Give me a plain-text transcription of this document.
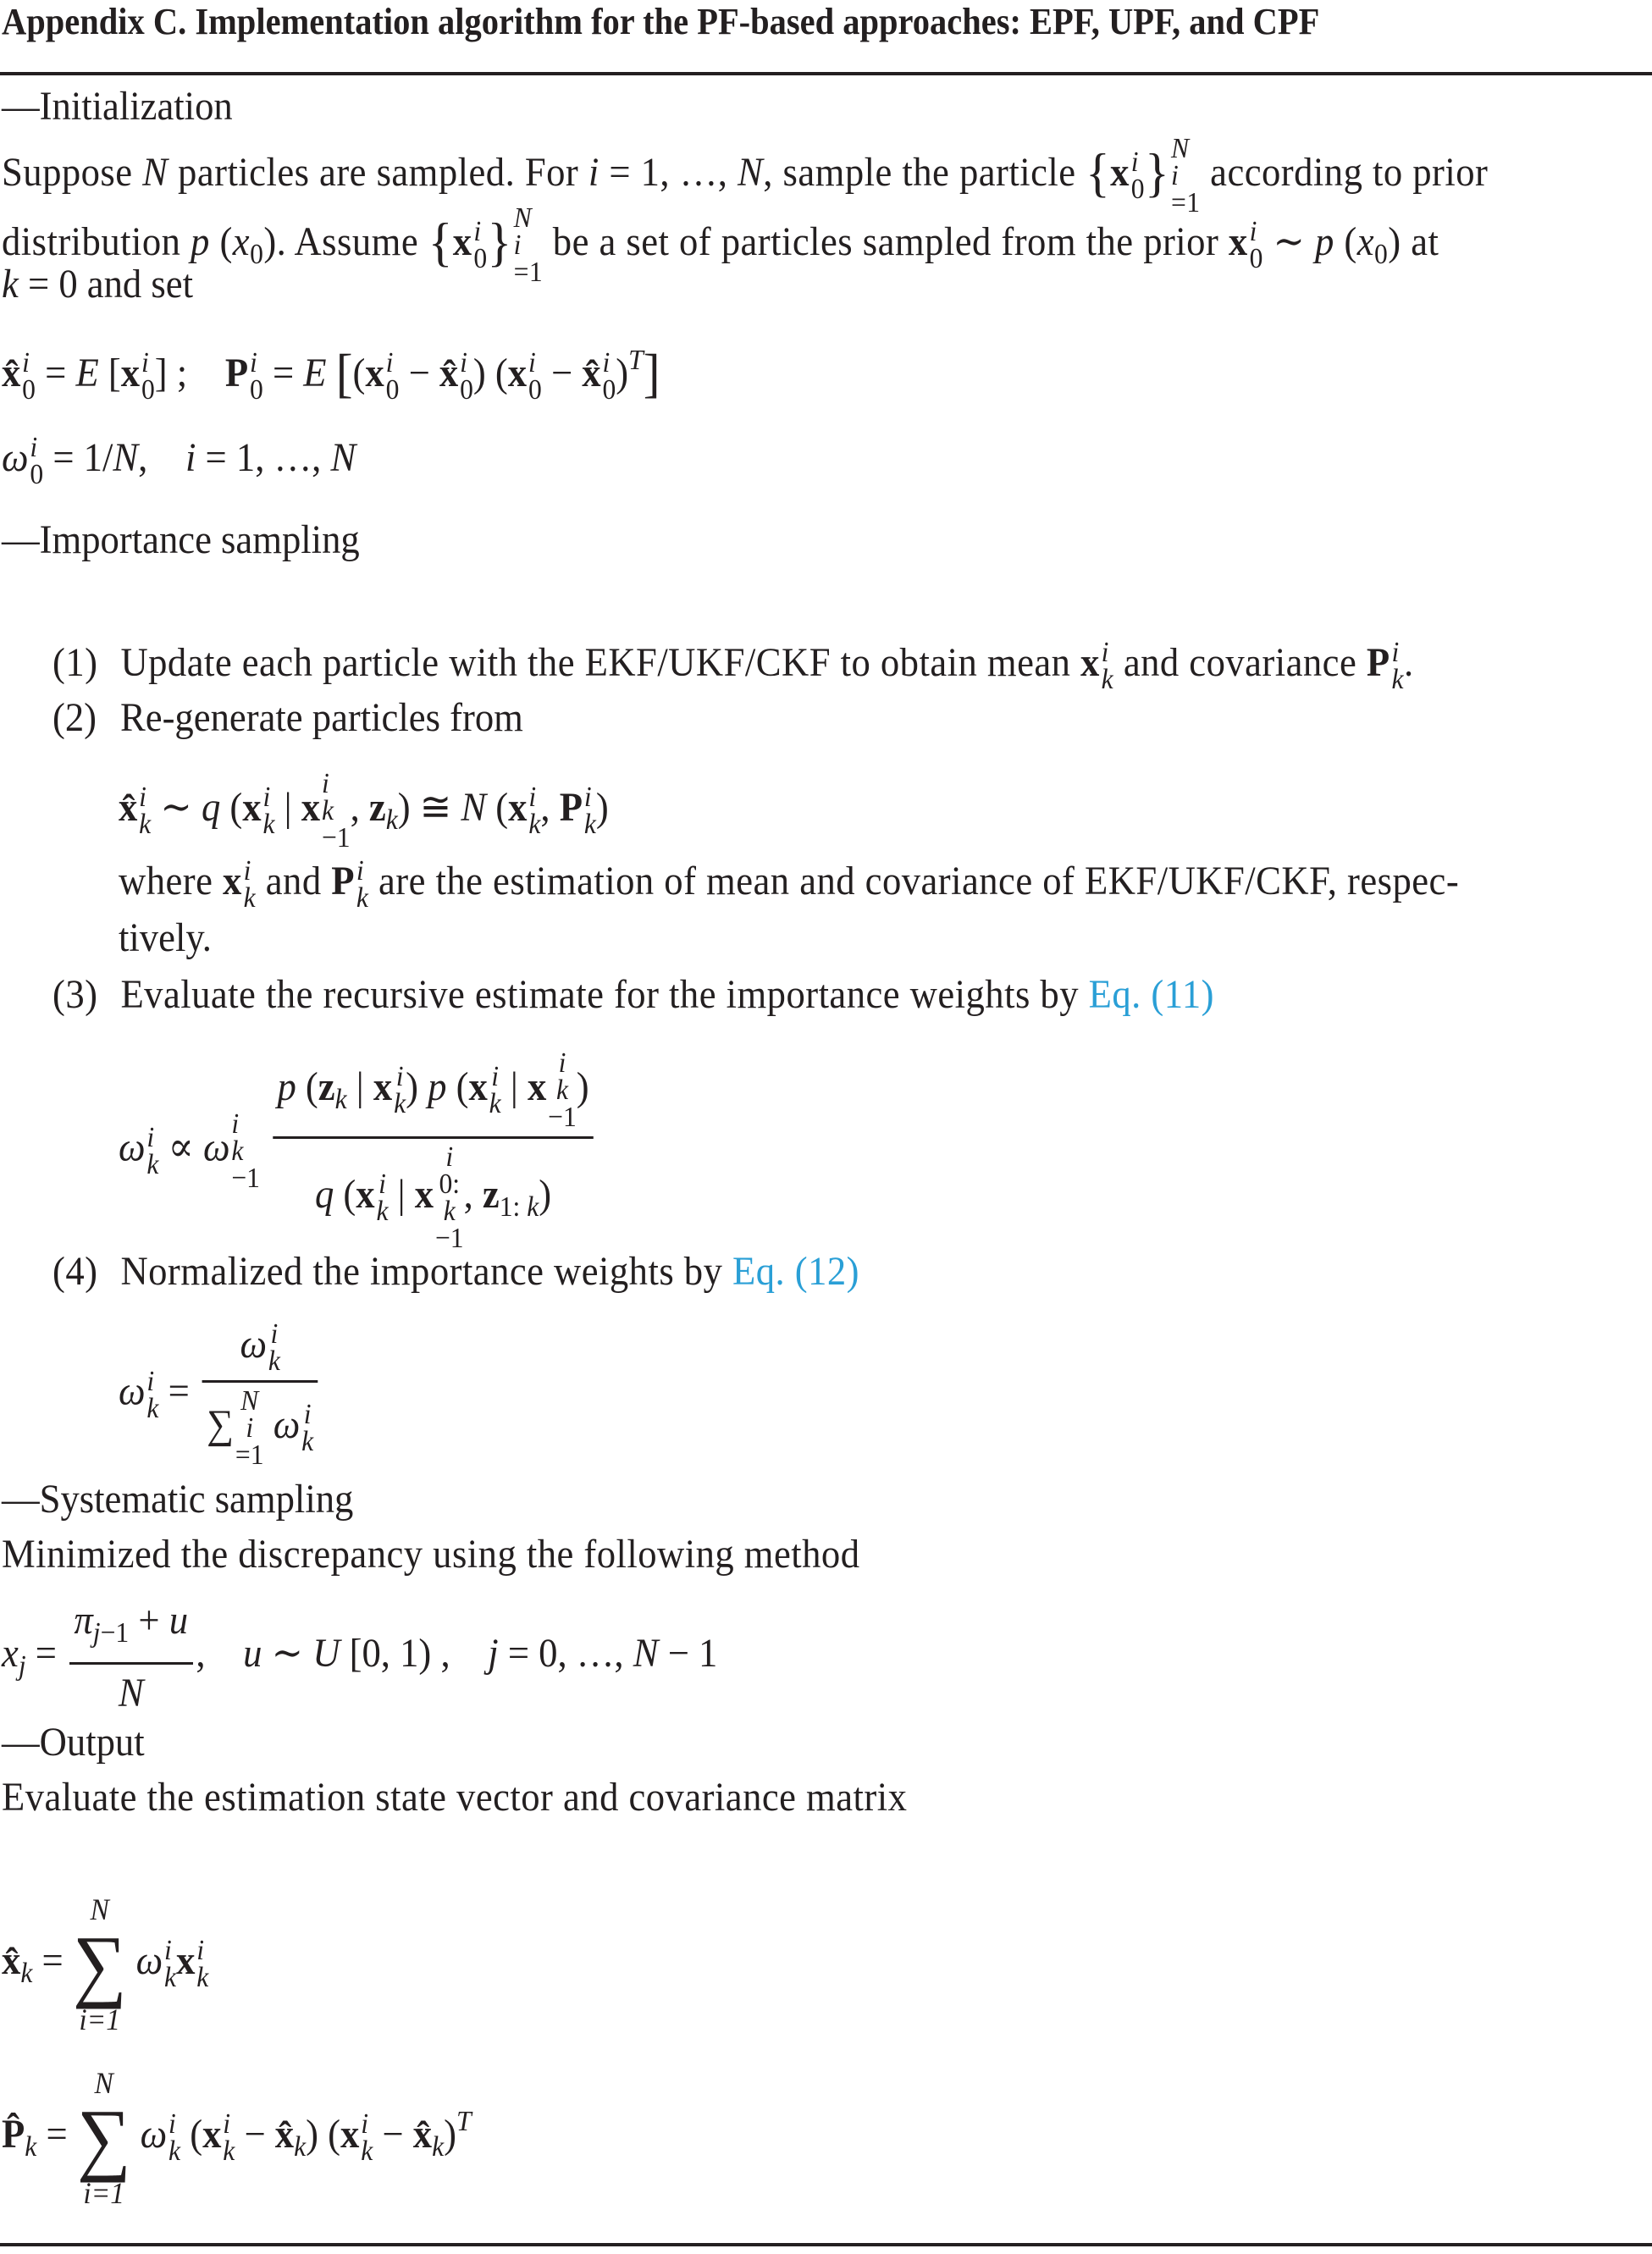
Appendix C. Implementation algorithm for the PF-based approaches: EPF, UPF, and CPF
—Initialization
Suppose N particles are sampled. For i = 1, …, N, sample the particle {x i
0 } N
i
=1
according to prior
distribution p $(x_0)$. Assume {x i
0 } N
i
=1
be a set of particles sampled from the prior x i
0 ∼ p $(x_0)$ at
k = 0 and set
x̂ i
0 = E [x i
0 ] ;    P i
0 = E [(x i
0 − x̂ i
0 ) (x i
0 − x̂ i
0 )$^T$]
ω i
0 = 1/N,    i = 1, …, N
—Importance sampling
(1) Update each particle with the EKF/UKF/CKF to obtain mean x i
k and covariance P i
k .
(2) Re-generate particles from
x̂ i
k ∼ q (x i
k | x
i
k
−1
, $z_k$) ≅ N (x i
k , P i
k )
where x i
k and P i
k are the estimation of mean and covariance of EKF/UKF/CKF, respec-
tively.
(3) Evaluate the recursive estimate for the importance weights by Eq. (11)
ω i
k ∝ ω
i
k
−1
p ($z_k$ | x i
k ) p (x i
k | x
i
k
−1
)
q (x i
k | x
i
0:
k
−1
, $z_{1: k}$)
(4) Normalized the importance weights by Eq. (12)
ω i
k = ω i
k
∑
N
i
=1
ω i
k
—Systematic sampling
Minimized the discrepancy using the following method
$x_j = \frac{\pi_{j-1} + u}{N}$ ,    u ∼ U [0, 1) ,    j = 0, …, N − 1
—Output
Evaluate the estimation state vector and covariance matrix
$x̂_k$ =
N
∑
i=1
ω i
k x i
k
$P̂_k$ =
N
∑
i=1
ω i
k (x i
$k - x̂_k$) (x i
$k - x̂_k)^T$
